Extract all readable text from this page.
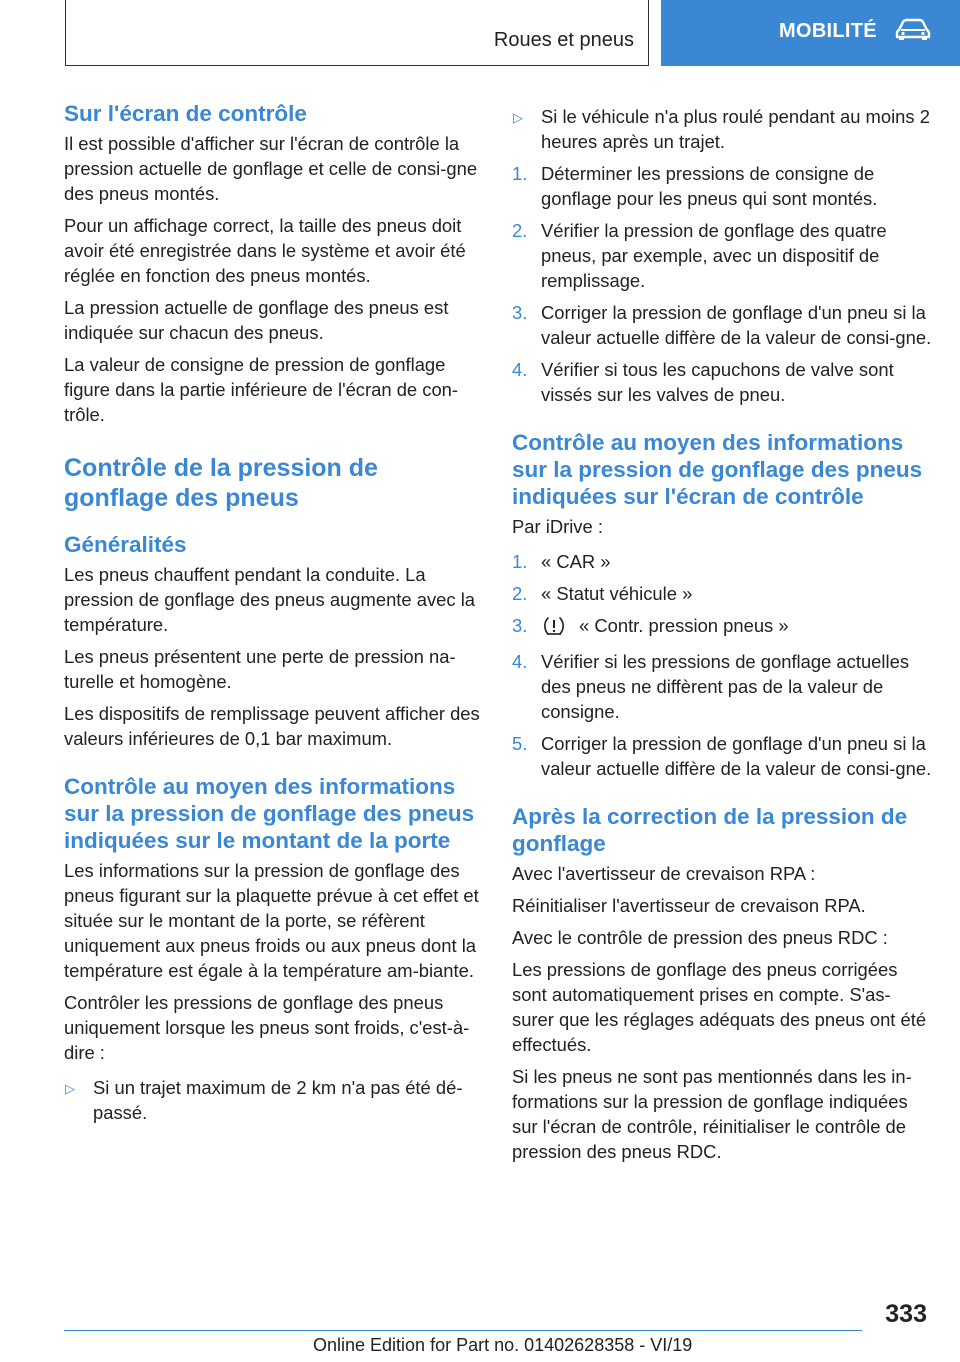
Roues et pneus	MOBILITÉ
Sur l'écran de contrôle

Il est possible d'afficher sur l'écran de contrôle la pression actuelle de gonflage et celle de consi-gne des pneus montés.

Pour un affichage correct, la taille des pneus doit avoir été enregistrée dans le système et avoir été réglée en fonction des pneus montés.

La pression actuelle de gonflage des pneus est indiquée sur chacun des pneus.

La valeur de consigne de pression de gonflage figure dans la partie inférieure de l'écran de con-trôle.

Contrôle de la pression de gonflage des pneus
Généralités

Les pneus chauffent pendant la conduite. La pression de gonflage des pneus augmente avec la température.

Les pneus présentent une perte de pression na-turelle et homogène.

Les dispositifs de remplissage peuvent afficher des valeurs inférieures de 0,1 bar maximum.

Contrôle au moyen des informations sur la pression de gonflage des pneus indiquées sur le montant de la porte

Les informations sur la pression de gonflage des pneus figurant sur la plaquette prévue à cet effet et située sur le montant de la porte, se réfèrent uniquement aux pneus froids ou aux pneus dont la température est égale à la température am-biante.

Contrôler les pressions de gonflage des pneus uniquement lorsque les pneus sont froids, c'est-à-dire :

▷ Si un trajet maximum de 2 km n'a pas été dé-passé.
▷ Si le véhicule n'a plus roulé pendant au moins 2 heures après un trajet.
1. Déterminer les pressions de consigne de gonflage pour les pneus qui sont montés.
2. Vérifier la pression de gonflage des quatre pneus, par exemple, avec un dispositif de remplissage.
3. Corriger la pression de gonflage d'un pneu si la valeur actuelle diffère de la valeur de consi-gne.
4. Vérifier si tous les capuchons de valve sont vissés sur les valves de pneu.
Contrôle au moyen des informations sur la pression de gonflage des pneus indiquées sur l'écran de contrôle

Par iDrive :

1. « CAR »
2. « Statut véhicule »
3.	« Contr. pression pneus »
4. Vérifier si les pressions de gonflage actuelles des pneus ne diffèrent pas de la valeur de consigne.
5. Corriger la pression de gonflage d'un pneu si la valeur actuelle diffère de la valeur de consi-gne.
Après la correction de la pression de gonflage

Avec l'avertisseur de crevaison RPA :

Réinitialiser l'avertisseur de crevaison RPA.

Avec le contrôle de pression des pneus RDC :

Les pressions de gonflage des pneus corrigées sont automatiquement prises en compte. S'as-surer que les réglages adéquats des pneus ont été effectués.

Si les pneus ne sont pas mentionnés dans les in-formations sur la pression de gonflage indiquées sur l'écran de contrôle, réinitialiser le contrôle de pression des pneus RDC.

333
Online Edition for Part no. 01402628358 - VI/19
